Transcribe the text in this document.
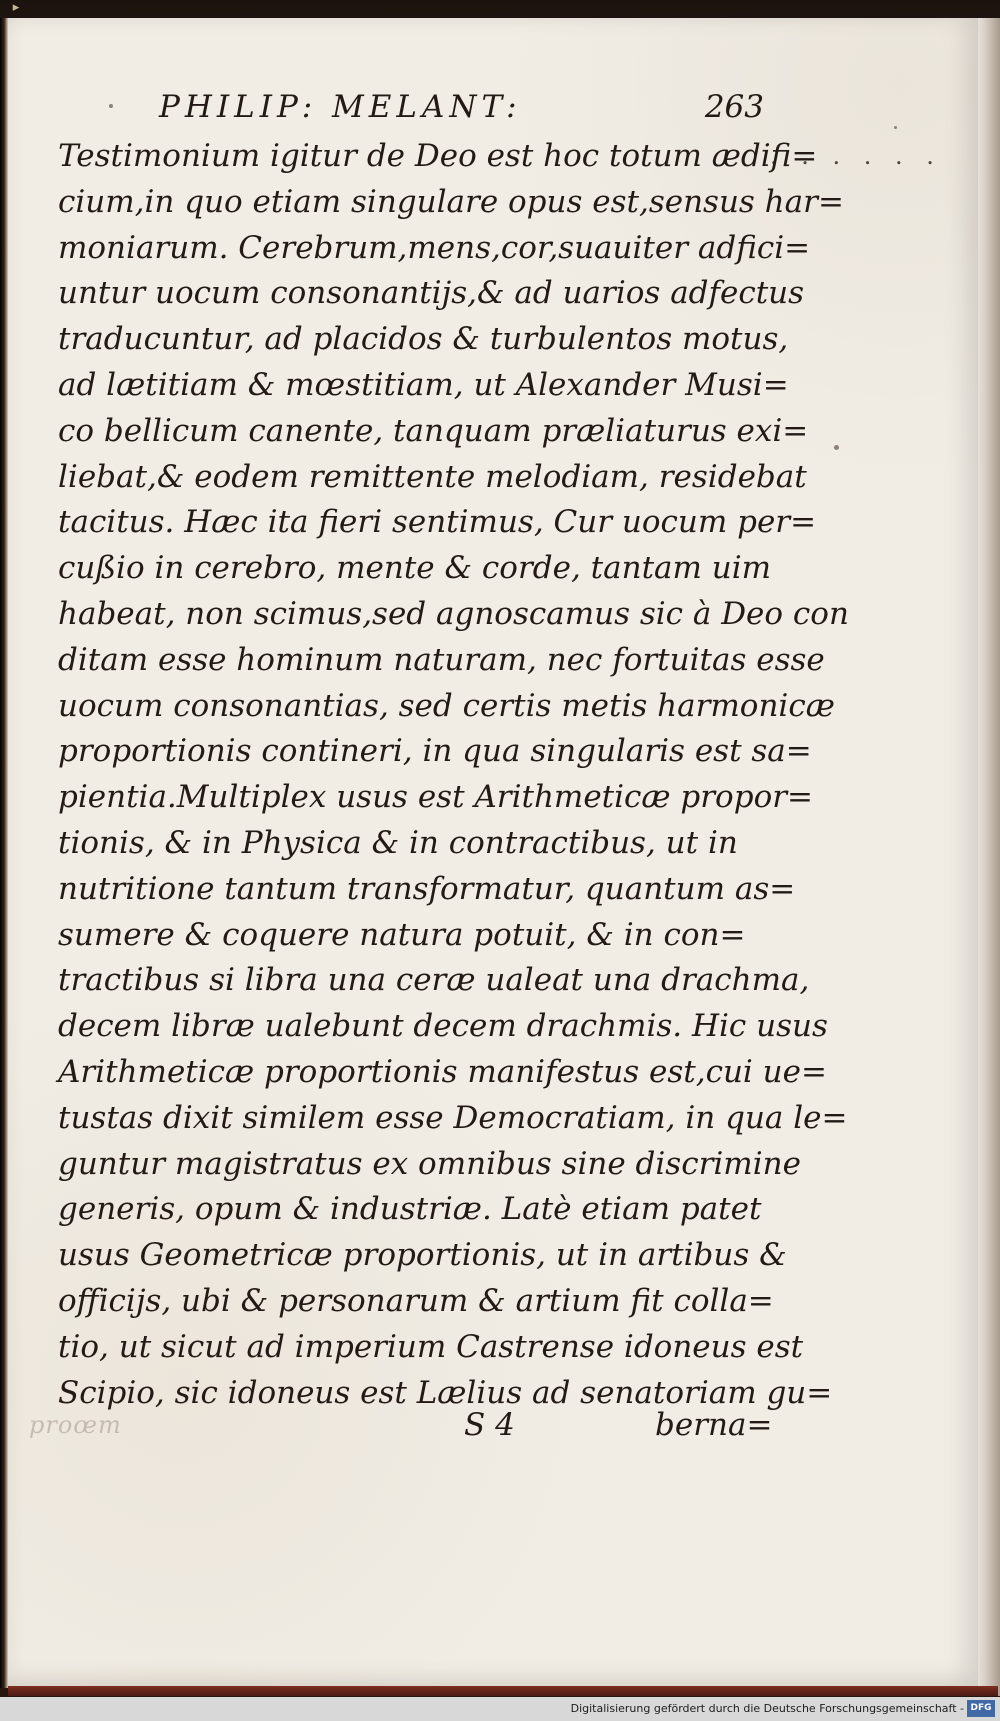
▸
PHILIP: MELANT:	263
. . . . . .
Testimonium igitur de Deo est hoc totum ædifi=
cium,in quo etiam singulare opus est,sensus har=
moniarum. Cerebrum,mens,cor,suauiter adfici=
untur uocum consonantijs,& ad uarios adfectus
traducuntur, ad placidos & turbulentos motus,
ad lætitiam & mœstitiam, ut Alexander Musi=
co bellicum canente, tanquam præliaturus exi=
liebat,& eodem remittente melodiam, residebat
tacitus. Hæc ita fieri sentimus, Cur uocum per=
cußio in cerebro, mente & corde, tantam uim
habeat, non scimus,sed agnoscamus sic à Deo con
ditam esse hominum naturam, nec fortuitas esse
uocum consonantias, sed certis metis harmonicæ
proportionis contineri, in qua singularis est sa=
pientia.Multiplex usus est Arithmeticæ propor=
tionis, & in Physica & in contractibus, ut in
nutritione tantum transformatur, quantum as=
sumere & coquere natura potuit, & in con=
tractibus si libra una ceræ ualeat una drachma,
decem libræ ualebunt decem drachmis. Hic usus
Arithmeticæ proportionis manifestus est,cui ue=
tustas dixit similem esse Democratiam, in qua le=
guntur magistratus ex omnibus sine discrimine
generis, opum & industriæ. Latè etiam patet
usus Geometricæ proportionis, ut in artibus &
officijs, ubi & personarum & artium fit colla=
tio, ut sicut ad imperium Castrense idoneus est
Scipio, sic idoneus est Lælius ad senatoriam gu=
proœm	S 4	berna=
Digitalisierung gefördert durch die Deutsche Forschungsgemeinschaft - DFG
